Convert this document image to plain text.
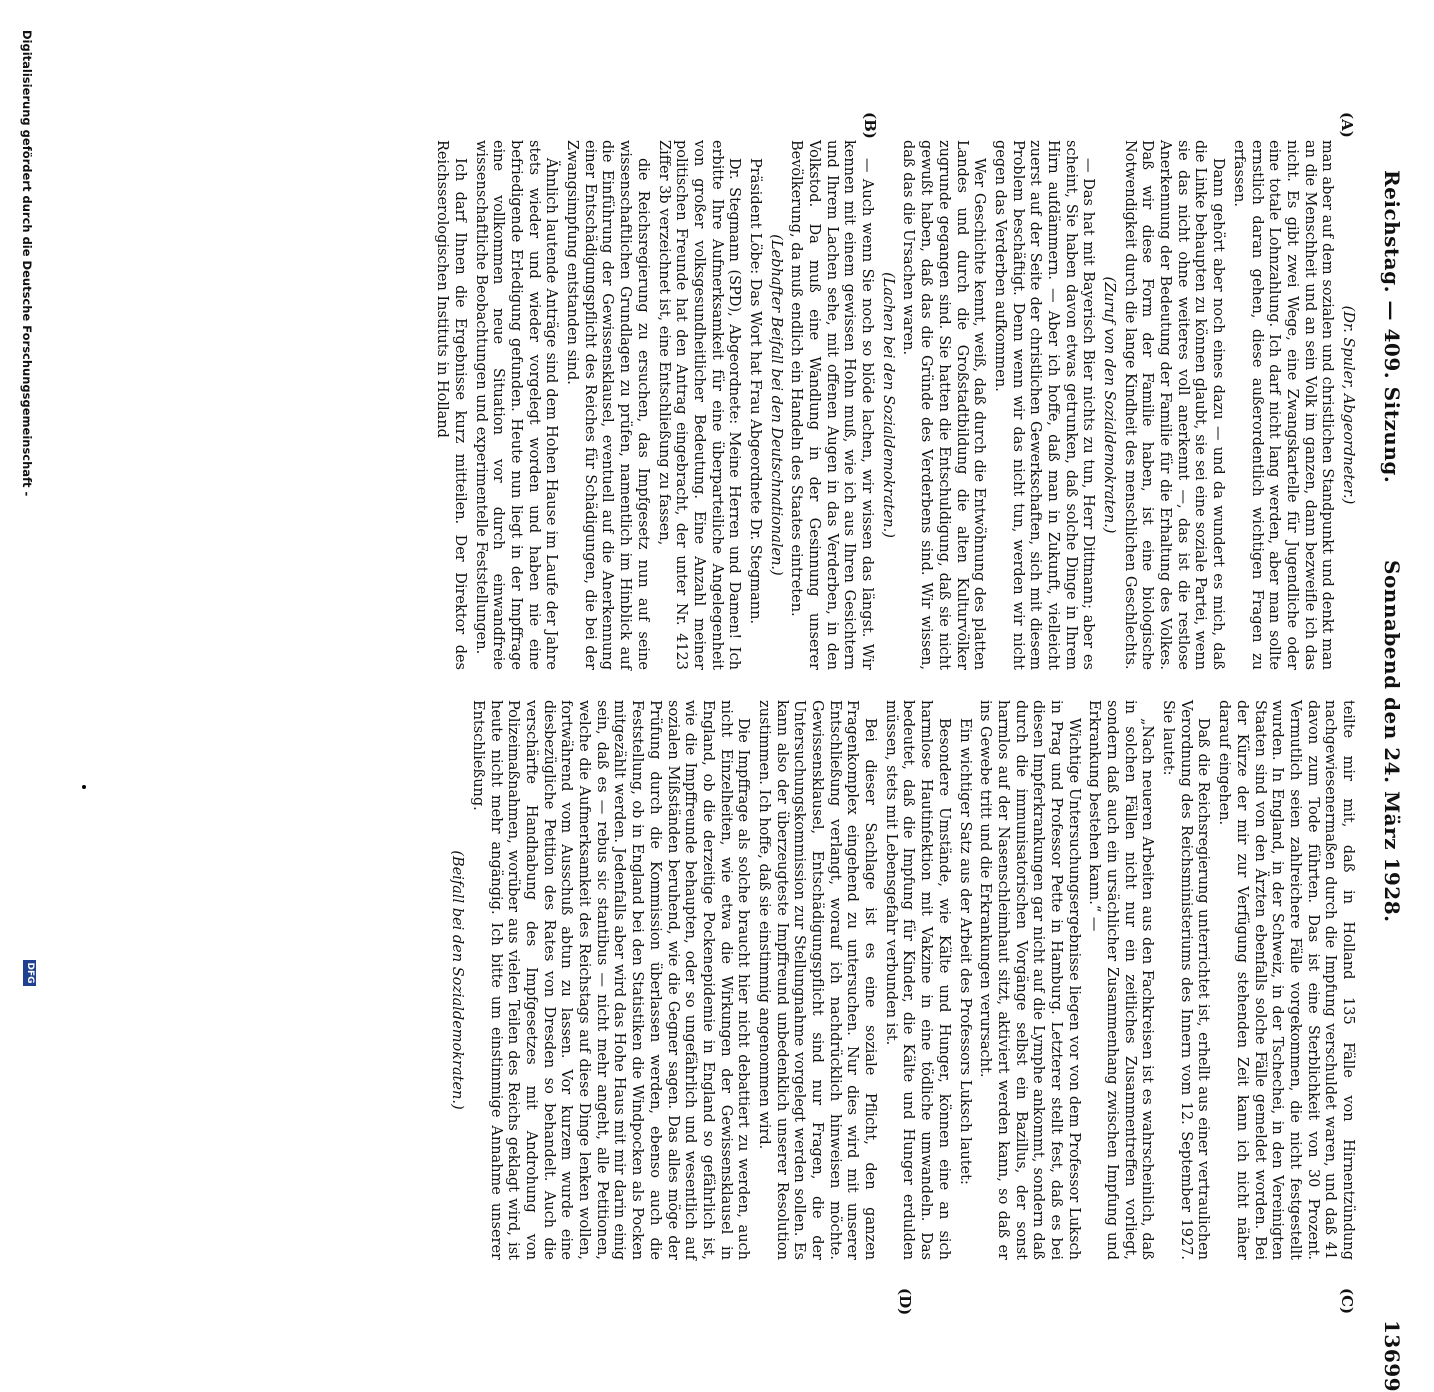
Reichstag. — 409. Sitzung.
Sonnabend den 24. März 1928.
13699
(A)
(B)
(C)
(D)

(Dr. Spuler, Abgeordneter.)

man aber auf dem sozialen und christlichen Standpunkt und denkt man an die Menschheit und an sein Volk im ganzen, dann bezweifle ich das nicht. Es gibt zwei Wege, eine Zwangskartelle für Jugendliche oder eine totale Lohnzahlung. Ich darf nicht lang werden, aber man sollte ernstlich daran gehen, diese außerordentlich wichtigen Fragen zu erfassen.

Dann gehört aber noch eines dazu — und da wundert es mich, daß die Linke behaupten zu können glaubt, sie sei eine soziale Partei, wenn sie das nicht ohne weiteres voll anerkennt —, das ist die restlose Anerkennung der Bedeutung der Familie für die Erhaltung des Volkes. Daß wir diese Form der Familie haben, ist eine biologische Notwendigkeit durch die lange Kindheit des menschlichen Geschlechts.

(Zuruf von den Sozialdemokraten.)

— Das hat mit Bayerisch Bier nichts zu tun, Herr Dittmann; aber es scheint, Sie haben davon etwas getrunken, daß solche Dinge in Ihrem Hirn aufdämmern. — Aber ich hoffe, daß man in Zukunft, vielleicht zuerst auf der Seite der christlichen Gewerkschaften, sich mit diesem Problem beschäftigt. Denn wenn wir das nicht tun, werden wir nicht gegen das Verderben aufkommen.

Wer Geschichte kennt, weiß, daß durch die Entwöhnung des platten Landes und durch die Großstadtbildung die alten Kulturvölker zugrunde gegangen sind. Sie hatten die Entschuldigung, daß sie nicht gewußt haben, daß das die Gründe des Verderbens sind. Wir wissen, daß das die Ursachen waren.

(Lachen bei den Sozialdemokraten.)

— Auch wenn Sie noch so blöde lachen, wir wissen das längst. Wir kennen mit einem gewissen Hohn muß, wie ich aus Ihren Gesichtern und Ihrem Lachen sehe, mit offenen Augen in das Verderben, in den Volkstod. Da muß eine Wandlung in der Gesinnung unserer Bevölkerung, da muß endlich ein Handeln des Staates eintreten.

(Lebhafter Beifall bei den Deutschnationalen.)

Präsident Löbe: Das Wort hat Frau Abgeordnete Dr. Stegmann.

Dr. Stegmann (SPD), Abgeordnete: Meine Herren und Damen! Ich erbitte Ihre Aufmerksamkeit für eine überparteiliche Angelegenheit von großer volksgesundheitlicher Bedeutung. Eine Anzahl meiner politischen Freunde hat den Antrag eingebracht, der unter Nr. 4123 Ziffer 3b verzeichnet ist, eine Entschließung zu fassen,

die Reichsregierung zu ersuchen, das Impfgesetz nun auf seine wissenschaftlichen Grundlagen zu prüfen, namentlich im Hinblick auf die Einführung der Gewissensklausel, eventuell auf die Anerkennung einer Entschädigungspflicht des Reiches für Schädigungen, die bei der Zwangsimpfung entstanden sind.

Ähnlich lautende Anträge sind dem Hohen Hause im Laufe der Jahre stets wieder und wieder vorgelegt worden und haben nie eine befriedigende Erledigung gefunden. Heute nun liegt in der Impffrage eine vollkommen neue Situation vor durch einwandfreie wissenschaftliche Beobachtungen und experimentelle Feststellungen.

Ich darf Ihnen die Ergebnisse kurz mitteilen. Der Direktor des Reichsserologischen Instituts in Holland

teilte mir mit, daß in Holland 135 Fälle von Hirnentzündung nachgewiesenermaßen durch die Impfung verschuldet waren, und daß 41 davon zum Tode führten. Das ist eine Sterblichkeit von 30 Prozent. Vermutlich seien zahlreichere Fälle vorgekommen, die nicht festgestellt wurden. In England, in der Schweiz, in der Tschechei, in den Vereinigten Staaten sind von den Ärzten ebenfalls solche Fälle gemeldet worden. Bei der Kürze der mir zur Verfügung stehenden Zeit kann ich nicht näher darauf eingehen.

Daß die Reichsregierung unterrichtet ist, erhellt aus einer vertraulichen Verordnung des Reichsministeriums des Innern vom 12. September 1927. Sie lautet:

„Nach neueren Arbeiten aus den Fachkreisen ist es wahrscheinlich, daß in solchen Fällen nicht nur ein zeitliches Zusammentreffen vorliegt, sondern daß auch ein ursächlicher Zusammenhang zwischen Impfung und Erkrankung bestehen kann.“ —

Wichtige Untersuchungsergebnisse liegen vor von dem Professor Luksch in Prag und Professor Pette in Hamburg. Letzterer stellt fest, daß es bei diesen Impferkrankungen gar nicht auf die Lymphe ankommt, sondern daß durch die immunisatorischen Vorgänge selbst ein Bazillus, der sonst harmlos auf der Nasenschleimhaut sitzt, aktiviert werden kann, so daß er ins Gewebe tritt und die Erkrankungen verursacht.

Ein wichtiger Satz aus der Arbeit des Professors Luksch lautet:

Besondere Umstände, wie Kälte und Hunger, können eine an sich harmlose Hautinfektion mit Vakzine in eine tödliche umwandeln. Das bedeutet, daß die Impfung für Kinder, die Kälte und Hunger erdulden müssen, stets mit Lebensgefahr verbunden ist.

Bei dieser Sachlage ist es eine soziale Pflicht, den ganzen Fragenkomplex eingehend zu untersuchen. Nur dies wird mit unserer Entschließung verlangt, worauf ich nachdrücklich hinweisen möchte. Gewissensklausel, Entschädigungspflicht sind nur Fragen, die der Untersuchungskommission zur Stellungnahme vorgelegt werden sollen. Es kann also der überzeugteste Impffreund unbedenklich unserer Resolution zustimmen. Ich hoffe, daß sie einstimmig angenommen wird.

Die Impffrage als solche braucht hier nicht debattiert zu werden, auch nicht Einzelheiten, wie etwa die Wirkungen der Gewissensklausel in England, ob die derzeitige Pockenepidemie in England so gefährlich ist, wie die Impffreunde behaupten, oder so ungefährlich und wesentlich auf sozialen Mißständen beruhend, wie die Gegner sagen. Das alles möge der Prüfung durch die Kommission überlassen werden, ebenso auch die Feststellung, ob in England bei den Statistiken die Windpocken als Pocken mitgezählt werden. Jedenfalls aber wird das Hohe Haus mit mir darin einig sein, daß es — rebus sic stantibus — nicht mehr angeht, alle Petitionen, welche die Aufmerksamkeit des Reichstags auf diese Dinge lenken wollen, fortwährend vom Ausschuß abtun zu lassen. Vor kurzem wurde eine diesbezügliche Petition des Rates von Dresden so behandelt. Auch die verschärfte Handhabung des Impfgesetzes mit Androhung von Polizeimaßnahmen, worüber aus vielen Teilen des Reichs geklagt wird, ist heute nicht mehr angängig. Ich bitte um einstimmige Annahme unserer Entschließung.

(Beifall bei den Sozialdemokraten.)

Digitalisierung gefördert durch die Deutsche Forschungsgemeinschaft -
DFG
